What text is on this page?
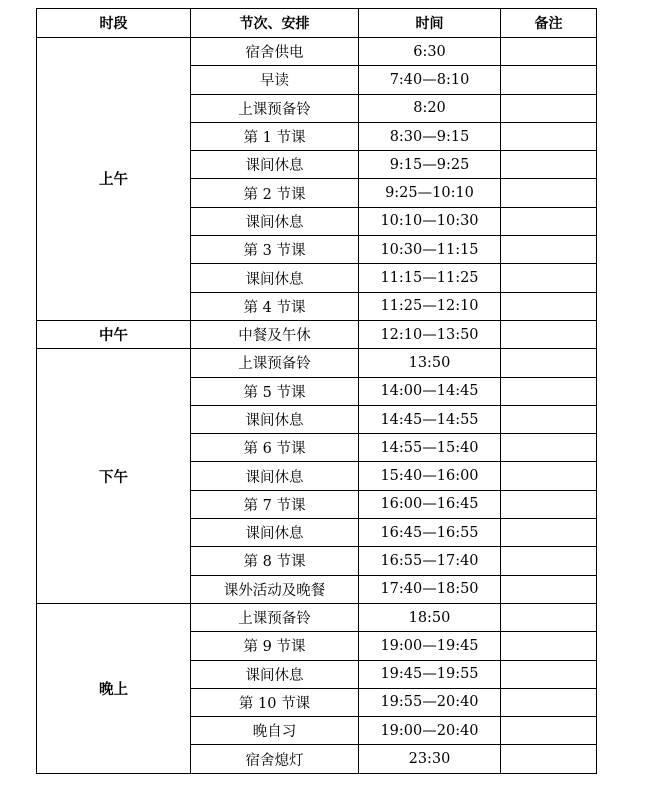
时段	节次、安排	时间	备注
上午	宿舍供电	6:30	
	早读	7:40—8:10	
	上课预备铃	8:20	
	第 1 节课	8:30—9:15	
	课间休息	9:15—9:25	
	第 2 节课	9:25—10:10	
	课间休息	10:10—10:30	
	第 3 节课	10:30—11:15	
	课间休息	11:15—11:25	
	第 4 节课	11:25—12:10	
中午	中餐及午休	12:10—13:50	
下午	上课预备铃	13:50	
	第 5 节课	14:00—14:45	
	课间休息	14:45—14:55	
	第 6 节课	14:55—15:40	
	课间休息	15:40—16:00	
	第 7 节课	16:00—16:45	
	课间休息	16:45—16:55	
	第 8 节课	16:55—17:40	
	课外活动及晚餐	17:40—18:50	
晚上	上课预备铃	18:50	
	第 9 节课	19:00—19:45	
	课间休息	19:45—19:55	
	第 10 节课	19:55—20:40	
	晚自习	19:00—20:40	
	宿舍熄灯	23:30	
